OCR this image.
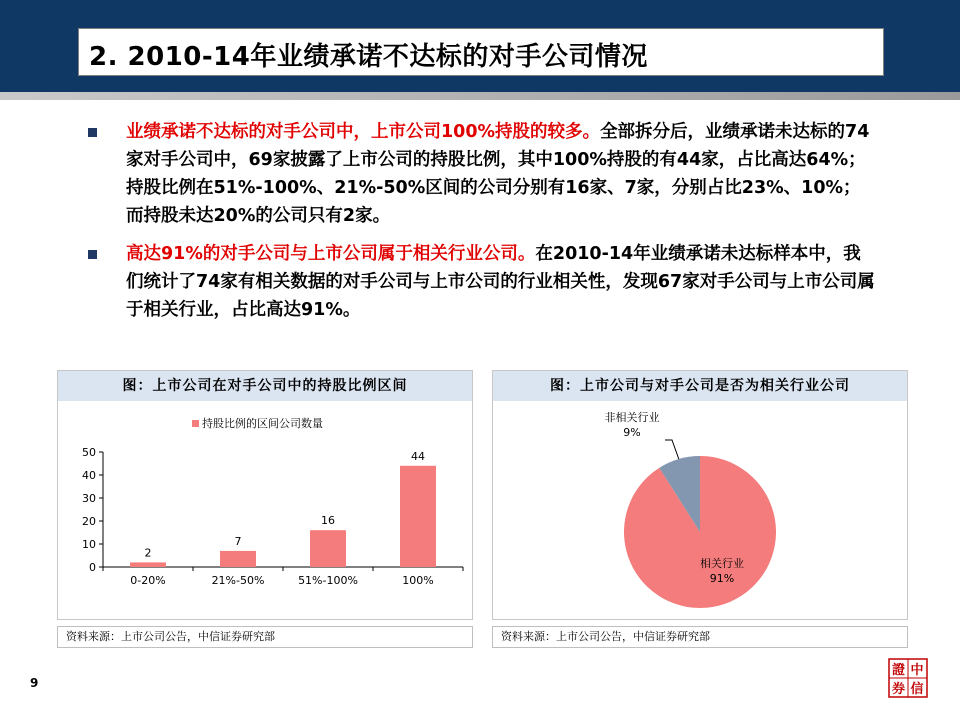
2. 2010-14年业绩承诺不达标的对手公司情况
业绩承诺不达标的对手公司中，上市公司100%持股的较多。全部拆分后，业绩承诺未达标的74家对手公司中，69家披露了上市公司的持股比例，其中100%持股的有44家，占比高达64%；持股比例在51%-100%、21%-50%区间的公司分别有16家、7家，分别占比23%、10%；而持股未达20%的公司只有2家。
高达91%的对手公司与上市公司属于相关行业公司。在2010-14年业绩承诺未达标样本中，我们统计了74家有相关数据的对手公司与上市公司的行业相关性，发现67家对手公司与上市公司属于相关行业，占比高达91%。
图：上市公司在对手公司中的持股比例区间
0
10
20
30
40
50
2
0-20%
7
21%-50%
16
51%-100%
44
100%
持股比例的区间公司数量
资料来源：上市公司公告，中信证券研究部
图：上市公司与对手公司是否为相关行业公司
相关行业
91%
非相关行业
9%
资料来源：上市公司公告，中信证券研究部
9
中
信
證
券
